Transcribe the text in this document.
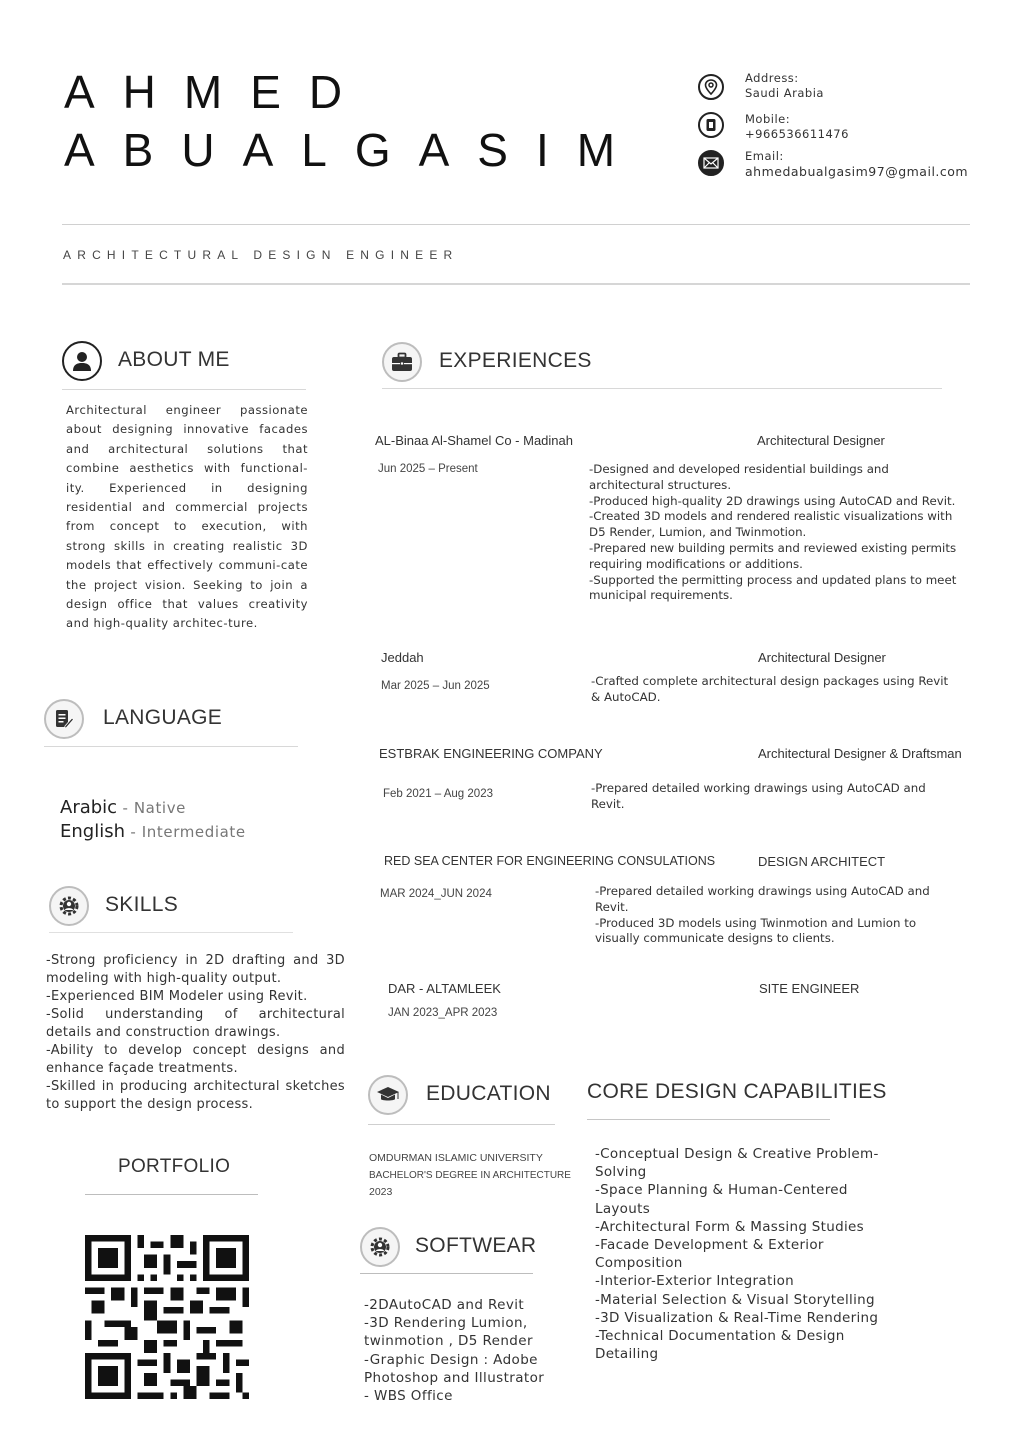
AHMED
ABUALGASIM
Address:
Saudi Arabia
Mobile:
+966536611476
Email:
ahmedabualgasim97@gmail.com
ARCHITECTURAL DESIGN ENGINEER
ABOUT ME
Architectural engineer passionate about designing innovative facades and architectural solutions that combine aesthetics with functional-ity. Experienced in designing residential and commercial projects from concept to execution, with strong skills in creating realistic 3D models that effectively communi-cate the project vision. Seeking to join a design office that values creativity and high-quality architec-ture.
LANGUAGE
Arabic - Native
English - Intermediate
SKILLS
-Strong proficiency in 2D drafting and 3D modeling with high-quality output.
-Experienced BIM Modeler using Revit.
-Solid understanding of architectural details and construction drawings.
-Ability to develop concept designs and enhance façade treatments.
-Skilled in producing architectural sketches to support the design process.
PORTFOLIO
EXPERIENCES
AL-Binaa Al-Shamel Co - Madinah	Architectural Designer
Jun 2025 – Present	-Designed and developed residential buildings and architectural structures.
-Produced high-quality 2D drawings using AutoCAD and Revit.
-Created 3D models and rendered realistic visualizations with D5 Render, Lumion, and Twinmotion.
-Prepared new building permits and reviewed existing permits requiring modifications or additions.
-Supported the permitting process and updated plans to meet municipal requirements.
Jeddah	Architectural Designer
Mar 2025 – Jun 2025	-Crafted complete architectural design packages using Revit & AutoCAD.
ESTBRAK ENGINEERING COMPANY	Architectural Designer & Draftsman
Feb 2021 – Aug 2023	-Prepared detailed working drawings using AutoCAD and Revit.
RED SEA CENTER FOR ENGINEERING CONSULATIONS	DESIGN ARCHITECT
MAR 2024_JUN 2024	-Prepared detailed working drawings using AutoCAD and Revit.
-Produced 3D models using Twinmotion and Lumion to visually communicate designs to clients.
DAR - ALTAMLEEK	SITE ENGINEER
JAN 2023_APR 2023
EDUCATION
OMDURMAN ISLAMIC UNIVERSITY
BACHELOR'S DEGREE IN ARCHITECTURE
2023
SOFTWEAR
-2DAutoCAD and Revit
-3D Rendering Lumion, twinmotion , D5 Render
-Graphic Design : Adobe Photoshop and Illustrator
- WBS Office
CORE DESIGN CAPABILITIES
-Conceptual Design & Creative Problem-Solving
-Space Planning & Human-Centered Layouts
-Architectural Form & Massing Studies
-Facade Development & Exterior Composition
-Interior-Exterior Integration
-Material Selection & Visual Storytelling
-3D Visualization & Real-Time Rendering
-Technical Documentation & Design Detailing
